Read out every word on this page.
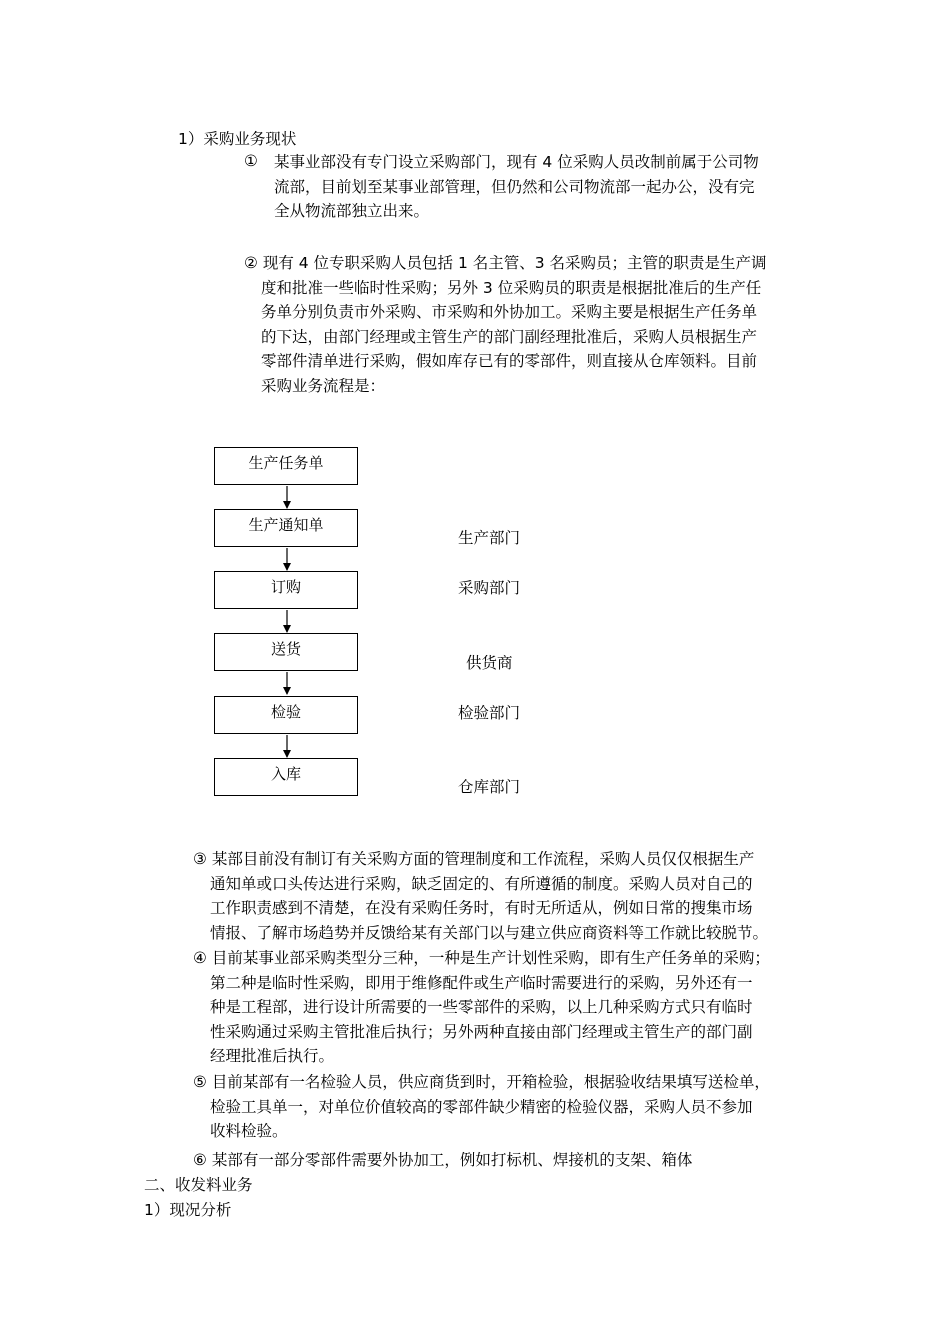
1）采购业务现状
① 某事业部没有专门设立采购部门，现有 4 位采购人员改制前属于公司物
流部，目前划至某事业部管理，但仍然和公司物流部一起办公，没有完
全从物流部独立出来。
② 现有 4 位专职采购人员包括 1 名主管、3 名采购员；主管的职责是生产调
度和批准一些临时性采购；另外 3 位采购员的职责是根据批准后的生产任
务单分别负责市外采购、市采购和外协加工。采购主要是根据生产任务单
的下达，由部门经理或主管生产的部门副经理批准后，采购人员根据生产
零部件清单进行采购，假如库存已有的零部件，则直接从仓库领料。目前
采购业务流程是：
生产任务单
生产通知单
订购
送货
检验
入库
生产部门
采购部门
供货商
检验部门
仓库部门
③ 某部目前没有制订有关采购方面的管理制度和工作流程，采购人员仅仅根据生产
通知单或口头传达进行采购，缺乏固定的、有所遵循的制度。采购人员对自己的
工作职责感到不清楚，在没有采购任务时，有时无所适从，例如日常的搜集市场
情报、了解市场趋势并反馈给某有关部门以与建立供应商资料等工作就比较脱节。
④ 目前某事业部采购类型分三种，一种是生产计划性采购，即有生产任务单的采购；
第二种是临时性采购，即用于维修配件或生产临时需要进行的采购，另外还有一
种是工程部，进行设计所需要的一些零部件的采购，以上几种采购方式只有临时
性采购通过采购主管批准后执行；另外两种直接由部门经理或主管生产的部门副
经理批准后执行。
⑤ 目前某部有一名检验人员，供应商货到时，开箱检验，根据验收结果填写送检单，
检验工具单一，对单位价值较高的零部件缺少精密的检验仪器，采购人员不参加
收料检验。
⑥ 某部有一部分零部件需要外协加工，例如打标机、焊接机的支架、箱体
二、收发料业务
1）现况分析
